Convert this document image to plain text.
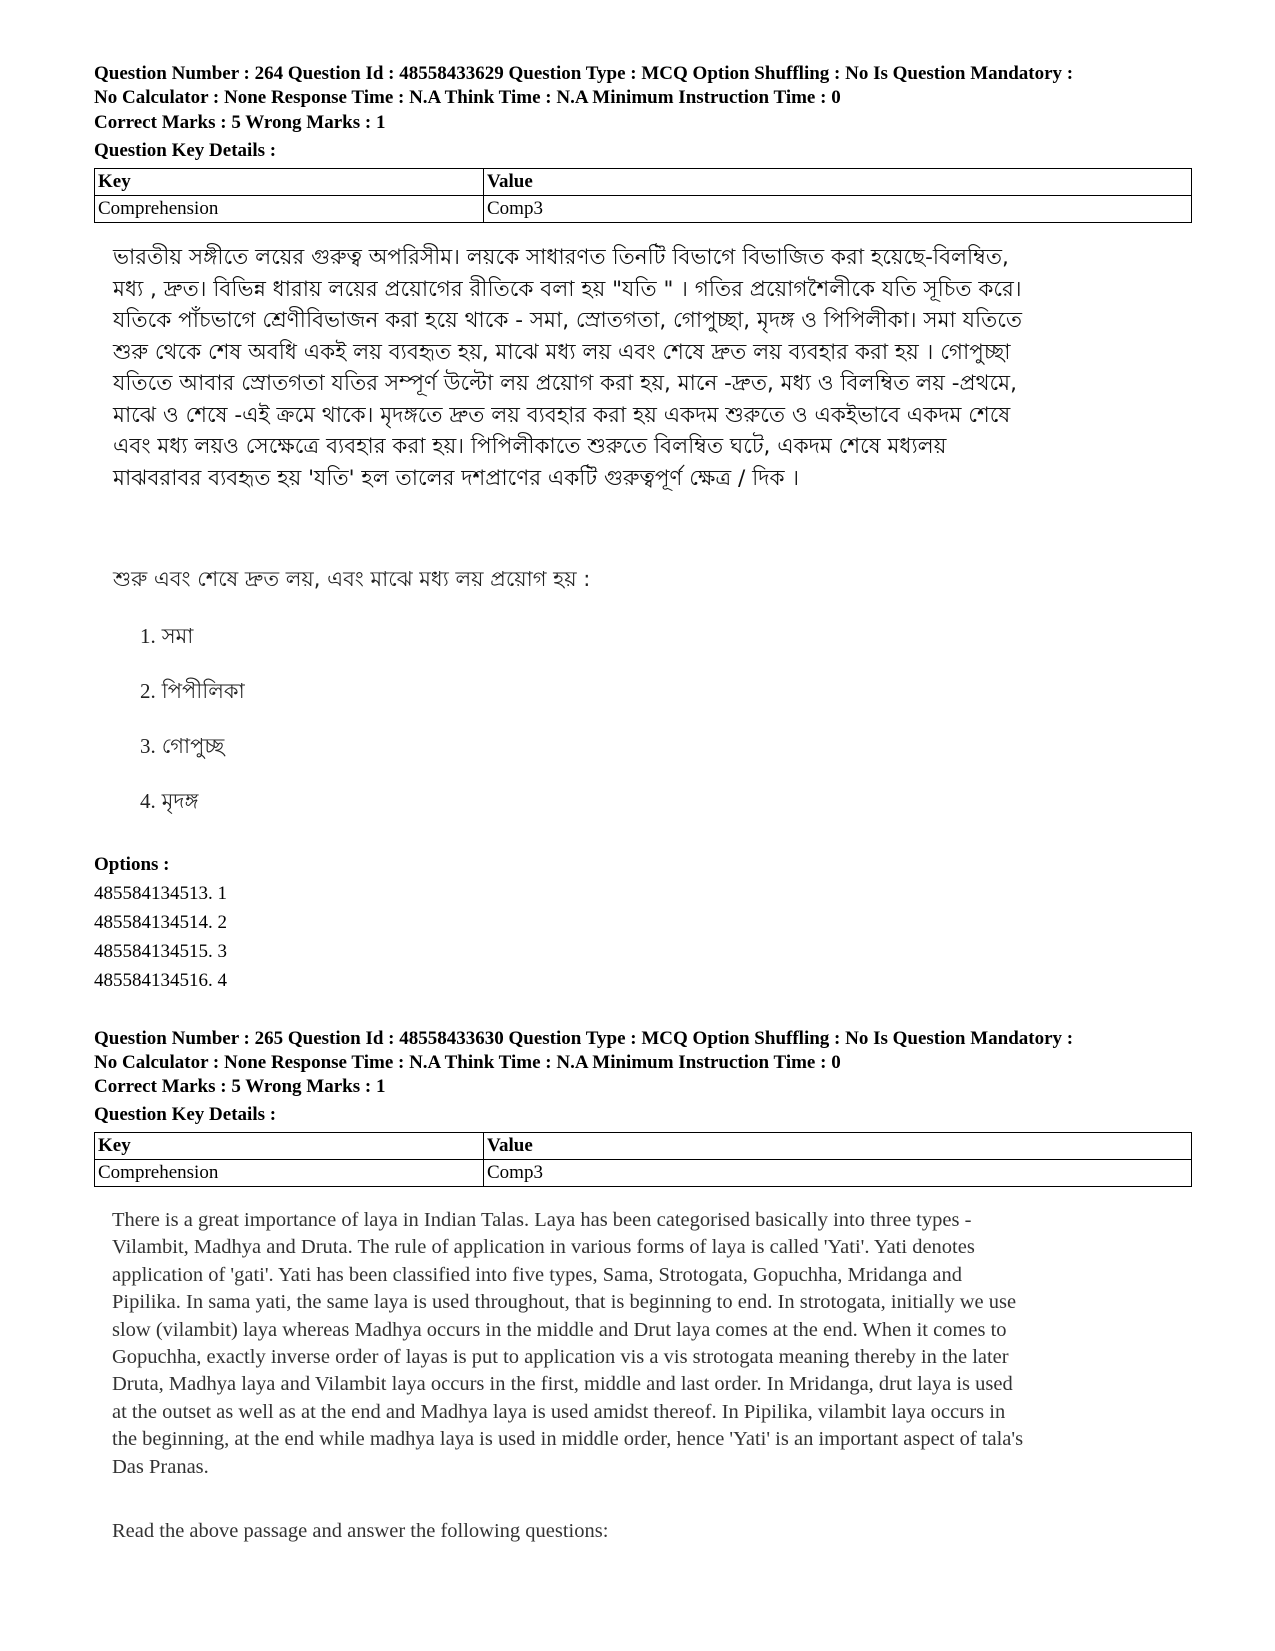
Question Number : 264 Question Id : 48558433629 Question Type : MCQ Option Shuffling : No Is Question Mandatory :
No Calculator : None Response Time : N.A Think Time : N.A Minimum Instruction Time : 0
Correct Marks : 5 Wrong Marks : 1
Question Key Details :
Key	Value
Comprehension	Comp3
ভারতীয় সঙ্গীতে লয়ের গুরুত্ব অপরিসীম। লয়কে সাধারণত তিনটি বিভাগে বিভাজিত করা হয়েছে-বিলম্বিত,
মধ্য , দ্রুত। বিভিন্ন ধারায় লয়ের প্রয়োগের রীতিকে বলা হয় "যতি " । গতির প্রয়োগশৈলীকে যতি সূচিত করে।
যতিকে পাঁচভাগে শ্রেণীবিভাজন করা হয়ে থাকে - সমা, স্রোতগতা, গোপুচ্ছা, মৃদঙ্গ ও পিপিলীকা। সমা যতিতে
শুরু থেকে শেষ অবধি একই লয় ব্যবহৃত হয়, মাঝে মধ্য লয় এবং শেষে দ্রুত লয় ব্যবহার করা হয় । গোপুচ্ছা
যতিতে আবার স্রোতগতা যতির সম্পূর্ণ উল্টো লয় প্রয়োগ করা হয়, মানে -দ্রুত, মধ্য ও বিলম্বিত লয় -প্রথমে,
মাঝে ও শেষে -এই ক্রমে থাকে। মৃদঙ্গতে দ্রুত লয় ব্যবহার করা হয় একদম শুরুতে ও একইভাবে একদম শেষে
এবং মধ্য লয়ও সেক্ষেত্রে ব্যবহার করা হয়। পিপিলীকাতে শুরুতে বিলম্বিত ঘটে, একদম শেষে মধ্যলয়
মাঝবরাবর ব্যবহৃত হয় 'যতি' হল তালের দশপ্রাণের একটি গুরুত্বপূর্ণ ক্ষেত্র / দিক ।
শুরু এবং শেষে দ্রুত লয়, এবং মাঝে মধ্য লয় প্রয়োগ হয় :
1. সমা
2. পিপীলিকা
3. গোপুচ্ছ
4. মৃদঙ্গ
Options :
485584134513. 1
485584134514. 2
485584134515. 3
485584134516. 4
Question Number : 265 Question Id : 48558433630 Question Type : MCQ Option Shuffling : No Is Question Mandatory :
No Calculator : None Response Time : N.A Think Time : N.A Minimum Instruction Time : 0
Correct Marks : 5 Wrong Marks : 1
Question Key Details :
Key	Value
Comprehension	Comp3
There is a great importance of laya in Indian Talas. Laya has been categorised basically into three types -
Vilambit, Madhya and Druta. The rule of application in various forms of laya is called 'Yati'. Yati denotes
application of 'gati'. Yati has been classified into five types, Sama, Strotogata, Gopuchha, Mridanga and
Pipilika. In sama yati, the same laya is used throughout, that is beginning to end. In strotogata, initially we use
slow (vilambit) laya whereas Madhya occurs in the middle and Drut laya comes at the end. When it comes to
Gopuchha, exactly inverse order of layas is put to application vis a vis strotogata meaning thereby in the later
Druta, Madhya laya and Vilambit laya occurs in the first, middle and last order. In Mridanga, drut laya is used
at the outset as well as at the end and Madhya laya is used amidst thereof. In Pipilika, vilambit laya occurs in
the beginning, at the end while madhya laya is used in middle order, hence 'Yati' is an important aspect of tala's
Das Pranas.
Read the above passage and answer the following questions:
